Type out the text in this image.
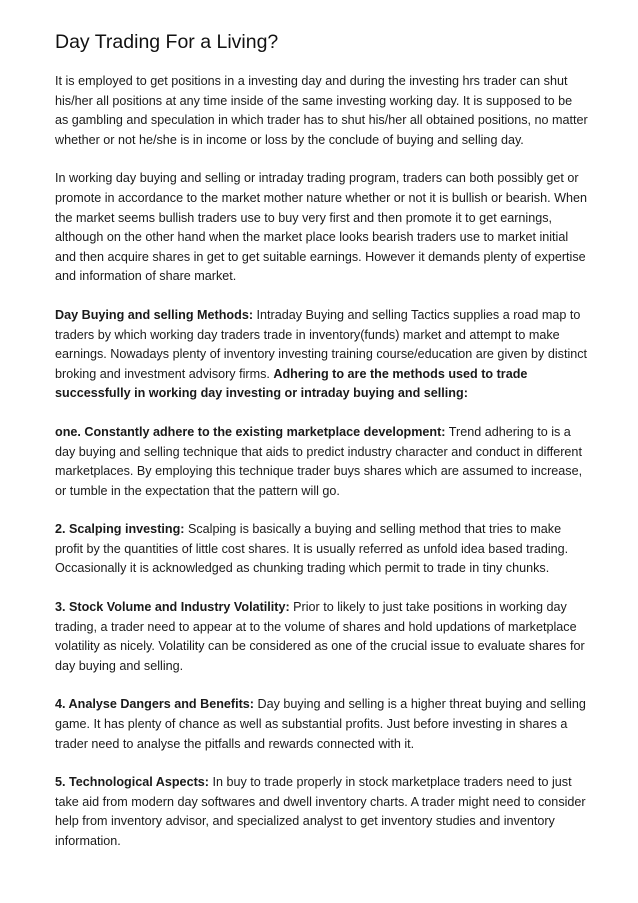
Day Trading For a Living?

It is employed to get positions in a investing day and during the investing hrs trader can shut his/her all positions at any time inside of the same investing working day. It is supposed to be as gambling and speculation in which trader has to shut his/her all obtained positions, no matter whether or not he/she is in income or loss by the conclude of buying and selling day.

In working day buying and selling or intraday trading program, traders can both possibly get or promote in accordance to the market mother nature whether or not it is bullish or bearish. When the market seems bullish traders use to buy very first and then promote it to get earnings, although on the other hand when the market place looks bearish traders use to market initial and then acquire shares in get to get suitable earnings. However it demands plenty of expertise and information of share market.

Day Buying and selling Methods: Intraday Buying and selling Tactics supplies a road map to traders by which working day traders trade in inventory(funds) market and attempt to make earnings. Nowadays plenty of inventory investing training course/education are given by distinct broking and investment advisory firms. Adhering to are the methods used to trade successfully in working day investing or intraday buying and selling:

one. Constantly adhere to the existing marketplace development: Trend adhering to is a day buying and selling technique that aids to predict industry character and conduct in different marketplaces. By employing this technique trader buys shares which are assumed to increase, or tumble in the expectation that the pattern will go.

2. Scalping investing: Scalping is basically a buying and selling method that tries to make profit by the quantities of little cost shares. It is usually referred as unfold idea based trading. Occasionally it is acknowledged as chunking trading which permit to trade in tiny chunks.

3. Stock Volume and Industry Volatility: Prior to likely to just take positions in working day trading, a trader need to appear at to the volume of shares and hold updations of marketplace volatility as nicely. Volatility can be considered as one of the crucial issue to evaluate shares for day buying and selling.

4. Analyse Dangers and Benefits: Day buying and selling is a higher threat buying and selling game. It has plenty of chance as well as substantial profits. Just before investing in shares a trader need to analyse the pitfalls and rewards connected with it.

5. Technological Aspects: In buy to trade properly in stock marketplace traders need to just take aid from modern day softwares and dwell inventory charts. A trader might need to consider help from inventory advisor, and specialized analyst to get inventory studies and inventory information.
